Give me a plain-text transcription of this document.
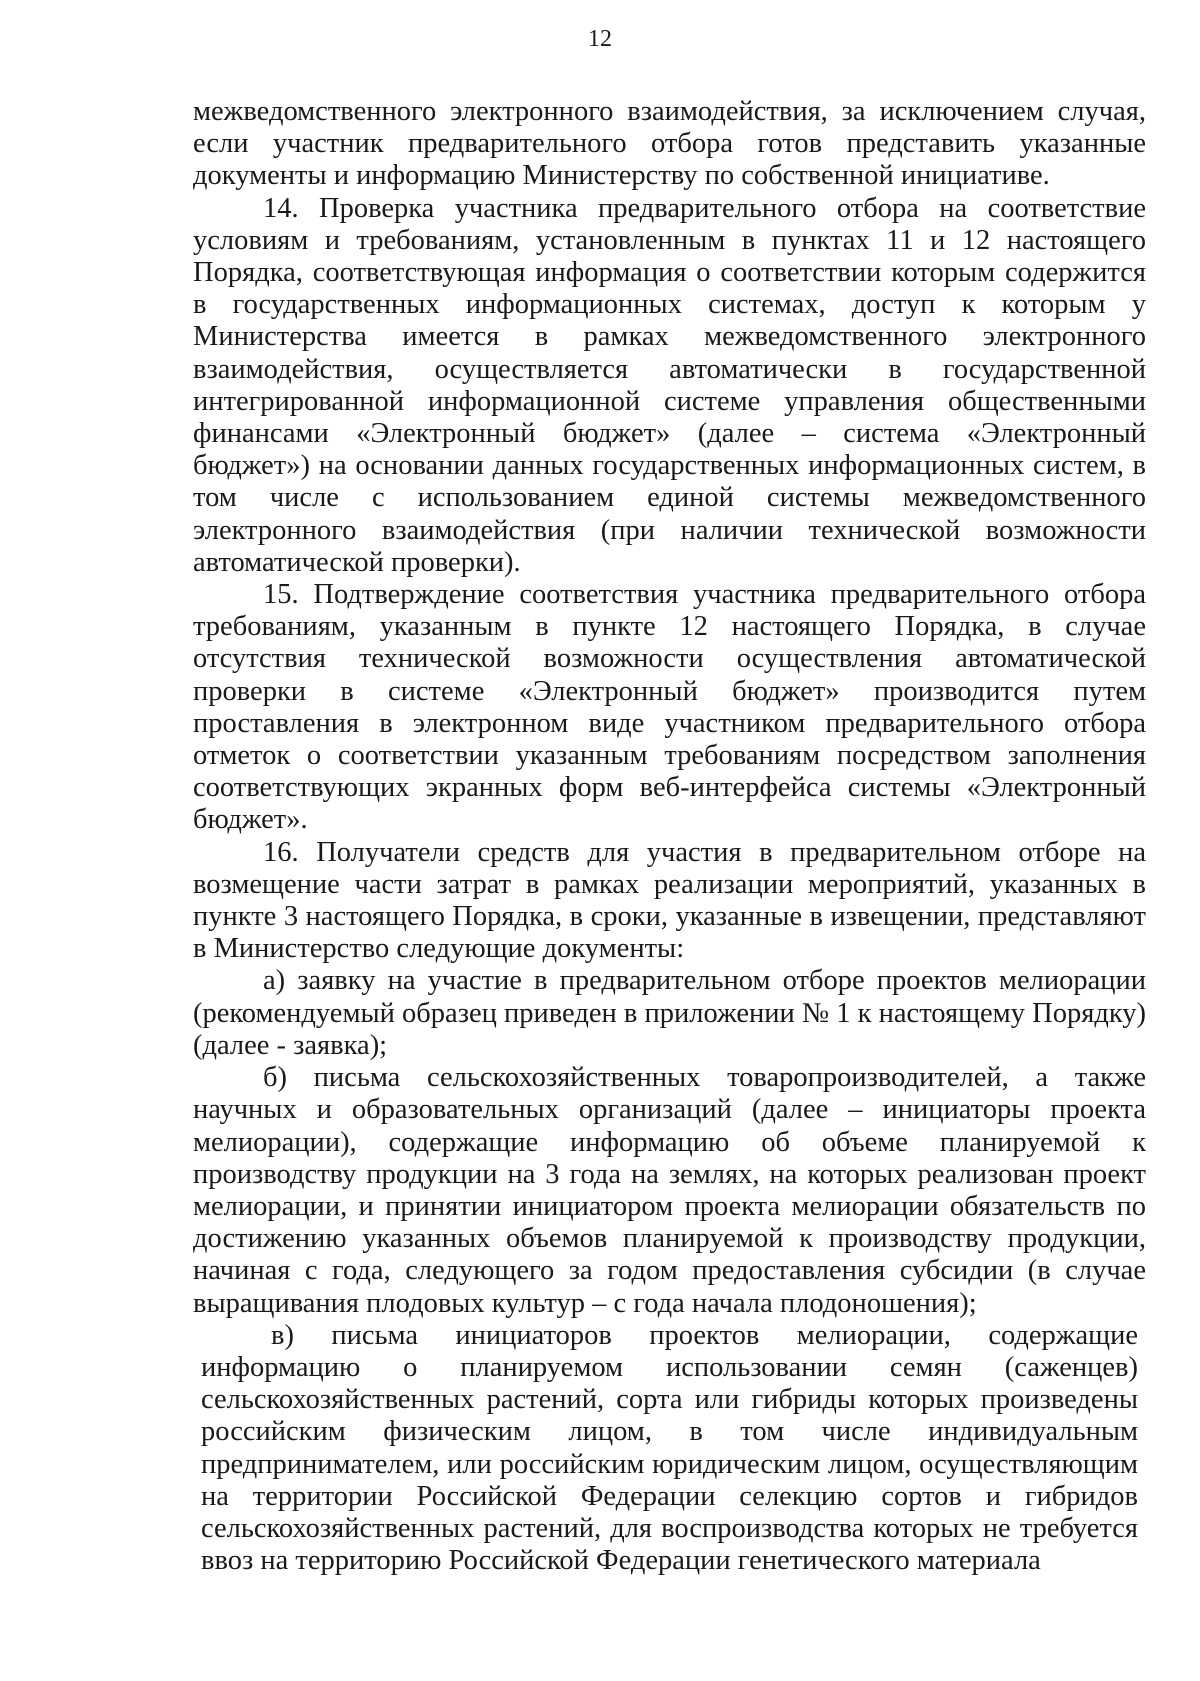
12

межведомственного электронного взаимодействия, за исключением случая, если участник предварительного отбора готов представить указанные документы и информацию Министерству по собственной инициативе.

14. Проверка участника предварительного отбора на соответствие условиям и требованиям, установленным в пунктах 11 и 12 настоящего Порядка, соответствующая информация о соответствии которым содержится в государственных информационных системах, доступ к которым у Министерства имеется в рамках межведомственного электронного взаимодействия, осуществляется автоматически в государственной интегрированной информационной системе управления общественными финансами «Электронный бюджет» (далее – система «Электронный бюджет») на основании данных государственных информационных систем, в том числе с использованием единой системы межведомственного электронного взаимодействия (при наличии технической возможности автоматической проверки).

15. Подтверждение соответствия участника предварительного отбора требованиям, указанным в пункте 12 настоящего Порядка, в случае отсутствия технической возможности осуществления автоматической проверки в системе «Электронный бюджет» производится путем проставления в электронном виде участником предварительного отбора отметок о соответствии указанным требованиям посредством заполнения соответствующих экранных форм веб-интерфейса системы «Электронный бюджет».

16. Получатели средств для участия в предварительном отборе на возмещение части затрат в рамках реализации мероприятий, указанных в пункте 3 настоящего Порядка, в сроки, указанные в извещении, представляют в Министерство следующие документы:

а) заявку на участие в предварительном отборе проектов мелиорации (рекомендуемый образец приведен в приложении № 1 к настоящему Порядку) (далее - заявка);

б) письма сельскохозяйственных товаропроизводителей, а также научных и образовательных организаций (далее – инициаторы проекта мелиорации), содержащие информацию об объеме планируемой к производству продукции на 3 года на землях, на которых реализован проект мелиорации, и принятии инициатором проекта мелиорации обязательств по достижению указанных объемов планируемой к производству продукции, начиная с года, следующего за годом предоставления субсидии (в случае выращивания плодовых культур – с года начала плодоношения);

в) письма инициаторов проектов мелиорации, содержащие информацию о планируемом использовании семян (саженцев) сельскохозяйственных растений, сорта или гибриды которых произведены российским физическим лицом, в том числе индивидуальным предпринимателем, или российским юридическим лицом, осуществляющим на территории Российской Федерации селекцию сортов и гибридов сельскохозяйственных растений, для воспроизводства которых не требуется ввоз на территорию Российской Федерации генетического материала
